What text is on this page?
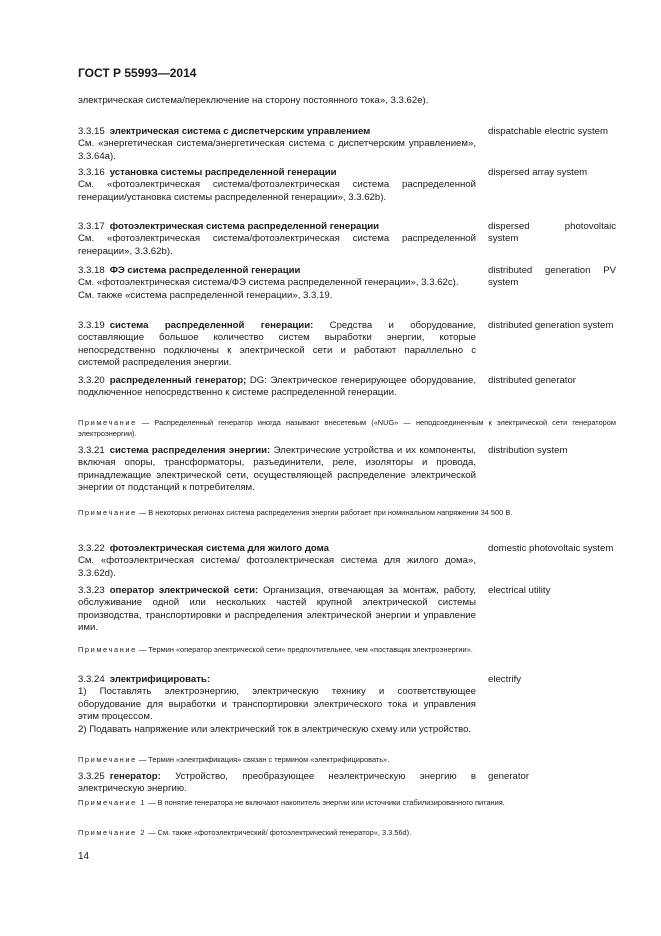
ГОСТ Р 55993—2014
электрическая система/переключение на сторону постоянного тока», 3.3.62e).
3.3.15 электрическая система с диспетчерским управлением
См. «энергетическая система/энергетическая система с диспетчерским управлением», 3.3.64a).
dispatchable electric system
3.3.16 установка системы распределенной генерации
См. «фотоэлектрическая система/фотоэлектрическая система распределенной генерации/установка системы распределенной генерации», 3.3.62b).
dispersed array system
3.3.17 фотоэлектрическая система распределенной генерации
См. «фотоэлектрическая система/фотоэлектрическая система распределенной генерации», 3.3.62b).
dispersed photovoltaic system
3.3.18 ФЭ система распределенной генерации
См. «фотоэлектрическая система/ФЭ система распределенной генерации», 3.3.62c).
См. также «система распределенной генерации», 3.3.19.
distributed generation PV system
3.3.19 система распределенной генерации: Средства и оборудование, составляющие большое количество систем выработки энергии, которые непосредственно подключены к электрической сети и работают параллельно с системой распределения энергии.
distributed generation system
3.3.20 распределенный генератор; DG: Электрическое генерирующее оборудование, подключенное непосредственно к системе распределенной генерации.
distributed generator
Примечание — Распределенный генератор иногда называют внесетевым («NUG» — неподсоединенным к электрической сети генератором электроэнергии).
3.3.21 система распределения энергии: Электрические устройства и их компоненты, включая опоры, трансформаторы, разъединители, реле, изоляторы и провода, принадлежащие электрической сети, осуществляющей распределение электрической энергии от подстанций к потребителям.
distribution system
Примечание — В некоторых регионах система распределения энергии работает при номинальном напряжении 34 500 В.
3.3.22 фотоэлектрическая система для жилого дома
См. «фотоэлектрическая система/ фотоэлектрическая система для жилого дома», 3.3.62d).
domestic photovoltaic system
3.3.23 оператор электрической сети: Организация, отвечающая за монтаж, работу, обслуживание одной или нескольких частей крупной электрической системы производства, транспортировки и распределения электрической энергии и управление ими.
electrical utility
Примечание — Термин «оператор электрической сети» предпочтительнее, чем «поставщик электроэнергии».
3.3.24 электрифицировать:
1) Поставлять электроэнергию, электрическую технику и соответствующее оборудование для выработки и транспортировки электрического тока и управления этим процессом.
2) Подавать напряжение или электрический ток в электрическую схему или устройство.
electrify
Примечание — Термин «электрификация» связан с термином «электрифицировать».
3.3.25 генератор: Устройство, преобразующее неэлектрическую энергию в электрическую энергию.
generator
Примечание 1 — В понятие генератора не включают накопитель энергии или источники стабилизированного питания.
Примечание 2 — См. также «фотоэлектрический/ фотоэлектрический генератор», 3.3.56d).
14
